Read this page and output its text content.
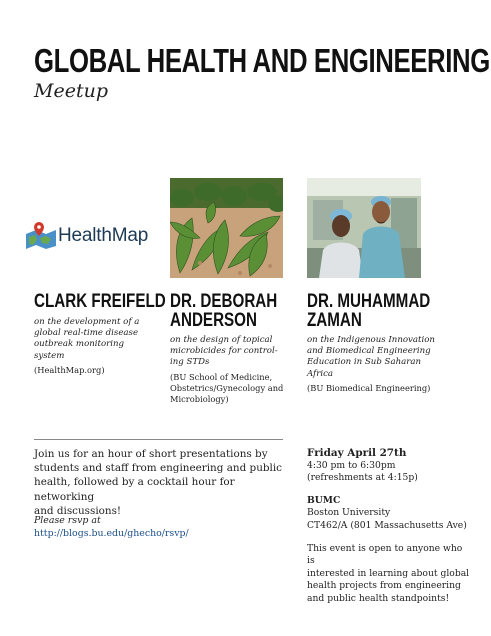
GLOBAL HEALTH AND ENGINEERING
Meetup
HealthMap
CLARK FREIFELD
on the development of a
global real-time disease
outbreak monitoring
system
(HealthMap.org)
DR. DEBORAH
ANDERSON
on the design of topical
microbicides for control-
ing STDs
(BU School of Medicine,
Obstetrics/Gynecology and
Microbiology)
DR. MUHAMMAD
ZAMAN
on the Indigenous Innovation
and Biomedical Engineering
Education in Sub Saharan
Africa
(BU Biomedical Engineering)
Join us for an hour of short presentations by
students and staff from engineering and public
health, followed by a cocktail hour for networking
and discussions!
Please rsvp at
http://blogs.bu.edu/ghecho/rsvp/
Friday April 27th
4:30 pm to 6:30pm
(refreshments at 4:15p)
BUMC
Boston University
CT462/A (801 Massachusetts Ave)
This event is open to anyone who is
interested in learning about global
health projects from engineering
and public health standpoints!
